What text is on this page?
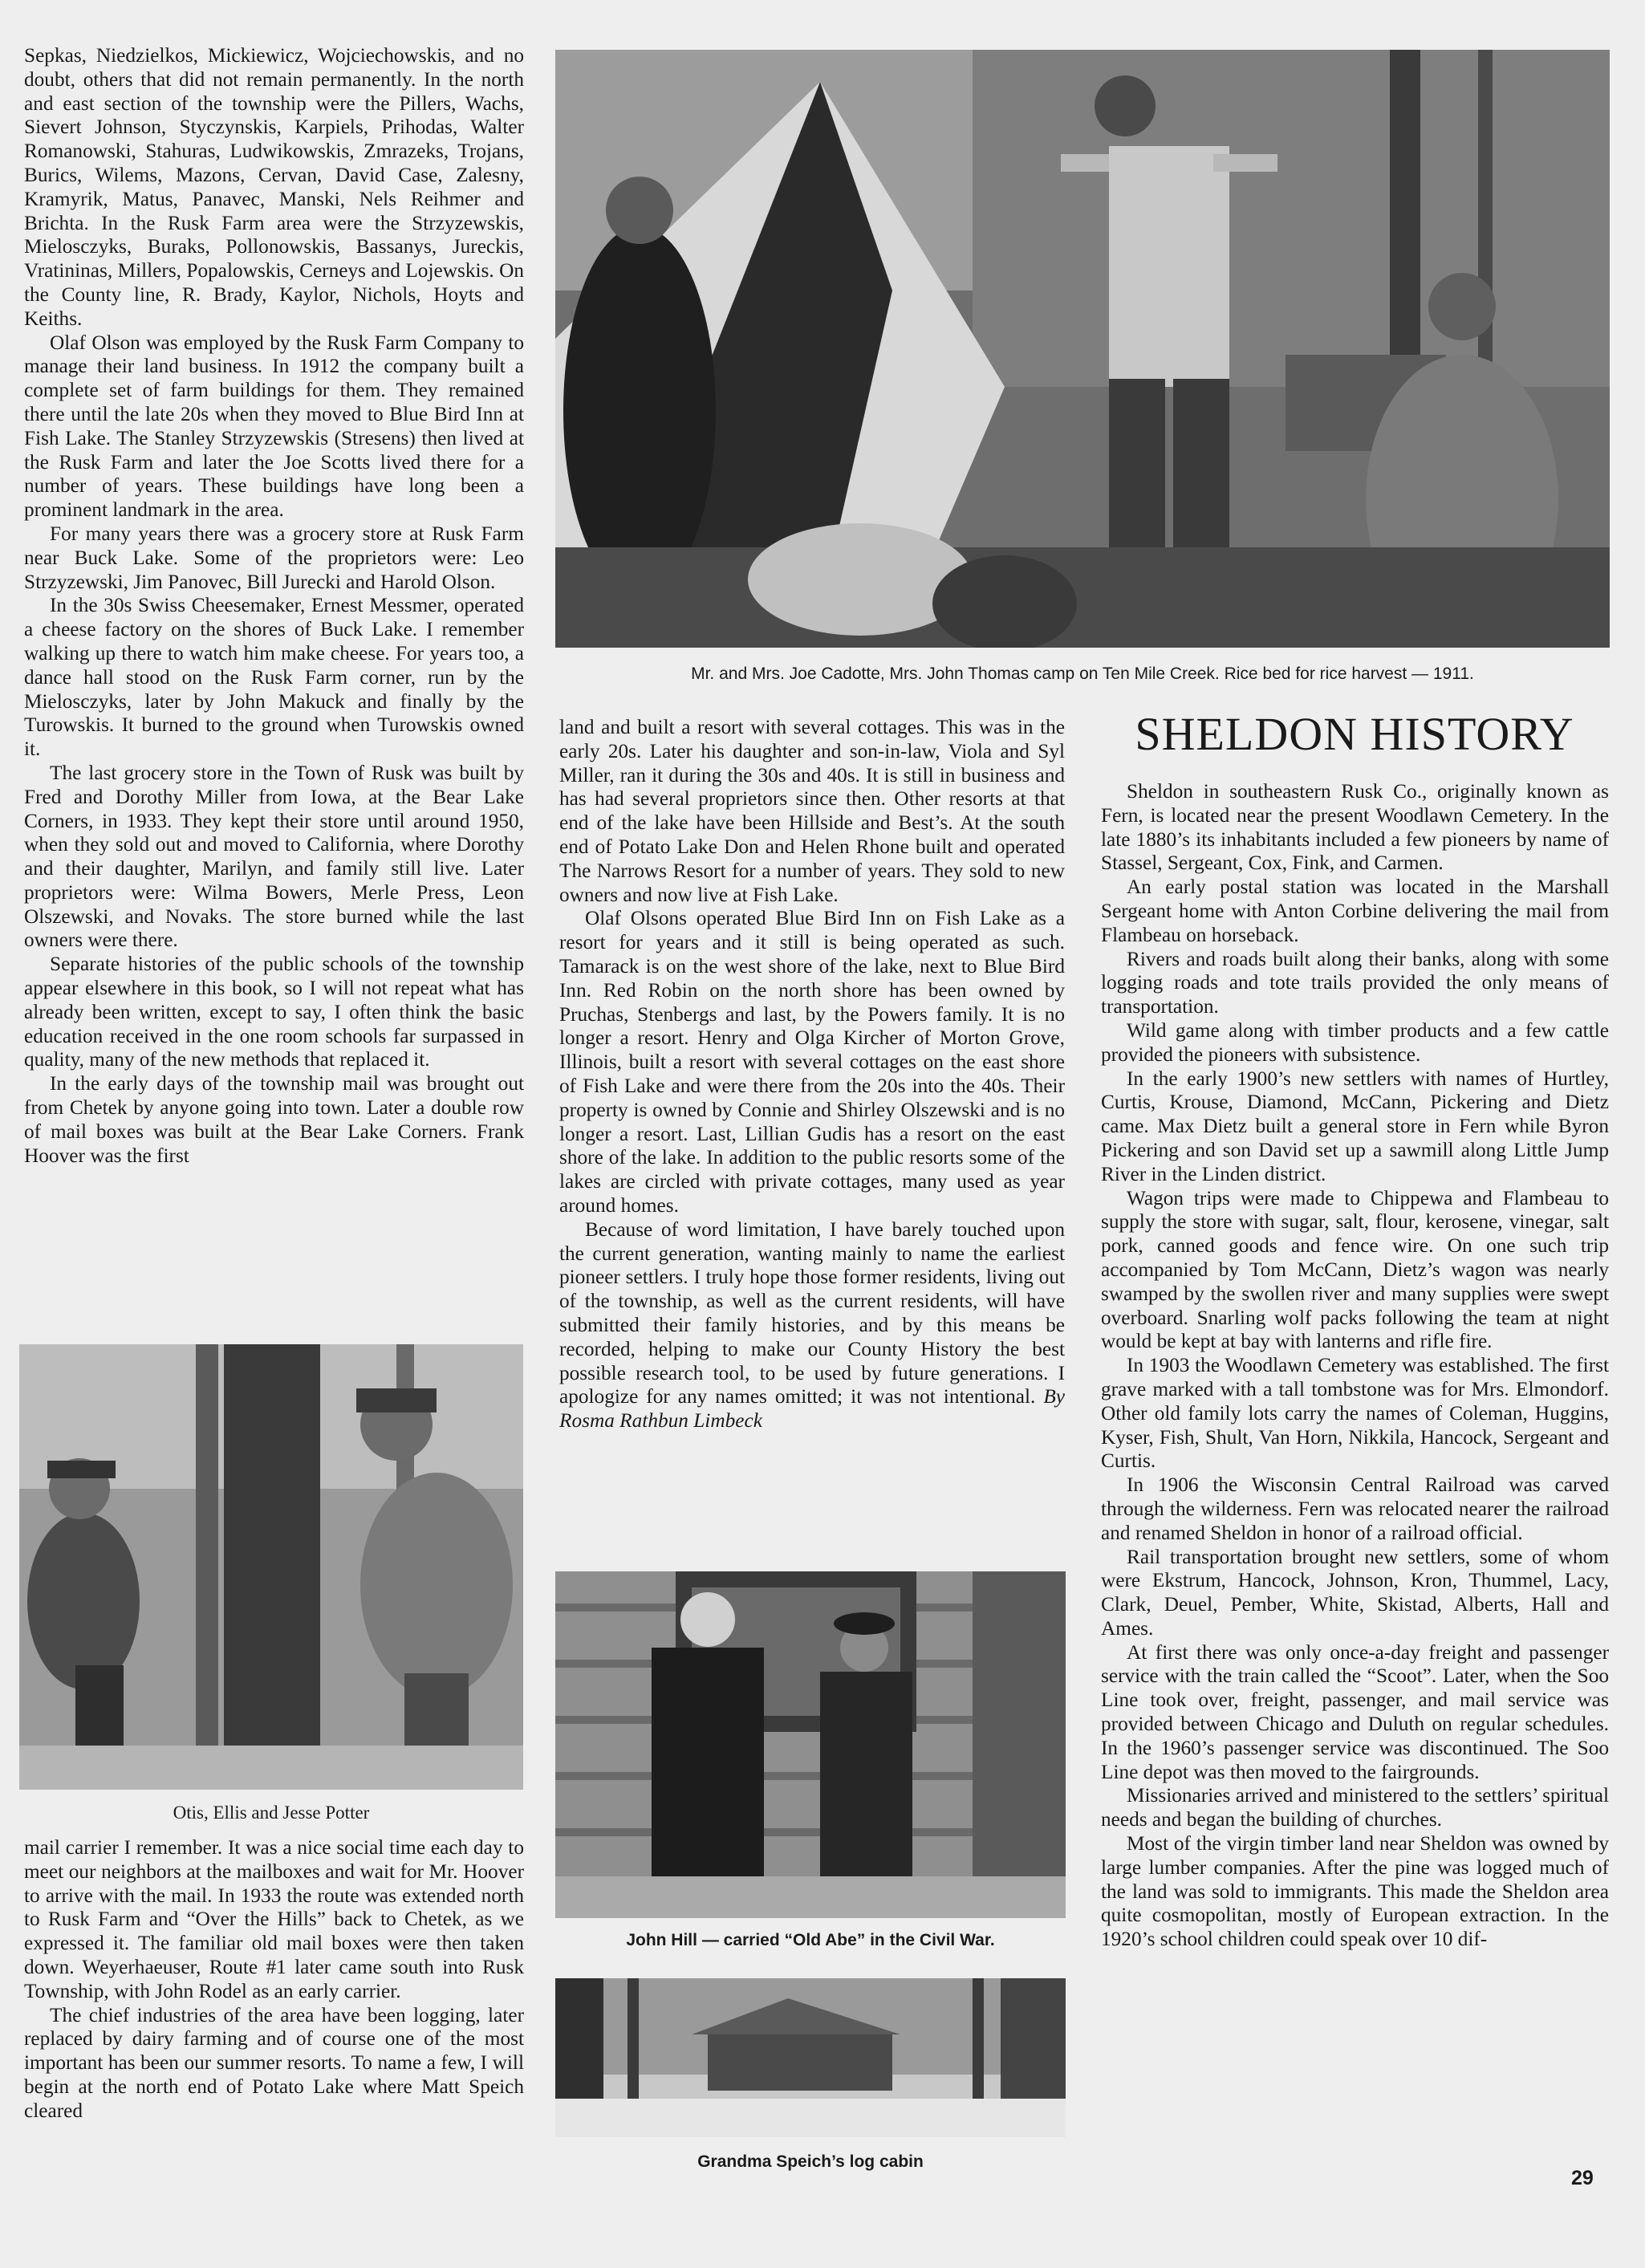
Sepkas, Niedzielkos, Mickiewicz, Wojciechowskis, and no doubt, others that did not remain permanently. In the north and east section of the township were the Pillers, Wachs, Sievert Johnson, Styczynskis, Karpiels, Prihodas, Walter Romanowski, Stahuras, Ludwikowskis, Zmrazeks, Trojans, Burics, Wilems, Mazons, Cervan, David Case, Zalesny, Kramyrik, Matus, Panavec, Manski, Nels Reihmer and Brichta. In the Rusk Farm area were the Strzyzewskis, Mielosczyks, Buraks, Pollonowskis, Bassanys, Jureckis, Vratininas, Millers, Popalowskis, Cerneys and Lojewskis. On the County line, R. Brady, Kaylor, Nichols, Hoyts and Keiths.

Olaf Olson was employed by the Rusk Farm Company to manage their land business. In 1912 the company built a complete set of farm buildings for them. They remained there until the late 20s when they moved to Blue Bird Inn at Fish Lake. The Stanley Strzyzewskis (Stresens) then lived at the Rusk Farm and later the Joe Scotts lived there for a number of years. These buildings have long been a prominent landmark in the area.

For many years there was a grocery store at Rusk Farm near Buck Lake. Some of the proprietors were: Leo Strzyzewski, Jim Panovec, Bill Jurecki and Harold Olson.

In the 30s Swiss Cheesemaker, Ernest Messmer, operated a cheese factory on the shores of Buck Lake. I remember walking up there to watch him make cheese. For years too, a dance hall stood on the Rusk Farm corner, run by the Mielosczyks, later by John Makuck and finally by the Turowskis. It burned to the ground when Turowskis owned it.

The last grocery store in the Town of Rusk was built by Fred and Dorothy Miller from Iowa, at the Bear Lake Corners, in 1933. They kept their store until around 1950, when they sold out and moved to California, where Dorothy and their daughter, Marilyn, and family still live. Later proprietors were: Wilma Bowers, Merle Press, Leon Olszewski, and Novaks. The store burned while the last owners were there.

Separate histories of the public schools of the township appear elsewhere in this book, so I will not repeat what has already been written, except to say, I often think the basic education received in the one room schools far surpassed in quality, many of the new methods that replaced it.

In the early days of the township mail was brought out from Chetek by anyone going into town. Later a double row of mail boxes was built at the Bear Lake Corners. Frank Hoover was the first

Otis, Ellis and Jesse Potter

mail carrier I remember. It was a nice social time each day to meet our neighbors at the mailboxes and wait for Mr. Hoover to arrive with the mail. In 1933 the route was extended north to Rusk Farm and “Over the Hills” back to Chetek, as we expressed it. The familiar old mail boxes were then taken down. Weyerhaeuser, Route #1 later came south into Rusk Township, with John Rodel as an early carrier.

The chief industries of the area have been logging, later replaced by dairy farming and of course one of the most important has been our summer resorts. To name a few, I will begin at the north end of Potato Lake where Matt Speich cleared

Mr. and Mrs. Joe Cadotte, Mrs. John Thomas camp on Ten Mile Creek. Rice bed for rice harvest — 1911.

land and built a resort with several cottages. This was in the early 20s. Later his daughter and son-in-law, Viola and Syl Miller, ran it during the 30s and 40s. It is still in business and has had several proprietors since then. Other resorts at that end of the lake have been Hillside and Best’s. At the south end of Potato Lake Don and Helen Rhone built and operated The Narrows Resort for a number of years. They sold to new owners and now live at Fish Lake.

Olaf Olsons operated Blue Bird Inn on Fish Lake as a resort for years and it still is being operated as such. Tamarack is on the west shore of the lake, next to Blue Bird Inn. Red Robin on the north shore has been owned by Pruchas, Stenbergs and last, by the Powers family. It is no longer a resort. Henry and Olga Kircher of Morton Grove, Illinois, built a resort with several cottages on the east shore of Fish Lake and were there from the 20s into the 40s. Their property is owned by Connie and Shirley Olszewski and is no longer a resort. Last, Lillian Gudis has a resort on the east shore of the lake. In addition to the public resorts some of the lakes are circled with private cottages, many used as year around homes.

Because of word limitation, I have barely touched upon the current generation, wanting mainly to name the earliest pioneer settlers. I truly hope those former residents, living out of the township, as well as the current residents, will have submitted their family histories, and by this means be recorded, helping to make our County History the best possible research tool, to be used by future generations. I apologize for any names omitted; it was not intentional. By Rosma Rathbun Limbeck

John Hill — carried “Old Abe” in the Civil War.
Grandma Speich’s log cabin
SHELDON HISTORY

Sheldon in southeastern Rusk Co., originally known as Fern, is located near the present Woodlawn Cemetery. In the late 1880’s its inhabitants included a few pioneers by name of Stassel, Sergeant, Cox, Fink, and Carmen.

An early postal station was located in the Marshall Sergeant home with Anton Corbine delivering the mail from Flambeau on horseback.

Rivers and roads built along their banks, along with some logging roads and tote trails provided the only means of transportation.

Wild game along with timber products and a few cattle provided the pioneers with subsistence.

In the early 1900’s new settlers with names of Hurtley, Curtis, Krouse, Diamond, McCann, Pickering and Dietz came. Max Dietz built a general store in Fern while Byron Pickering and son David set up a sawmill along Little Jump River in the Linden district.

Wagon trips were made to Chippewa and Flambeau to supply the store with sugar, salt, flour, kerosene, vinegar, salt pork, canned goods and fence wire. On one such trip accompanied by Tom McCann, Dietz’s wagon was nearly swamped by the swollen river and many supplies were swept overboard. Snarling wolf packs following the team at night would be kept at bay with lanterns and rifle fire.

In 1903 the Woodlawn Cemetery was established. The first grave marked with a tall tombstone was for Mrs. Elmondorf. Other old family lots carry the names of Coleman, Huggins, Kyser, Fish, Shult, Van Horn, Nikkila, Hancock, Sergeant and Curtis.

In 1906 the Wisconsin Central Railroad was carved through the wilderness. Fern was relocated nearer the railroad and renamed Sheldon in honor of a railroad official.

Rail transportation brought new settlers, some of whom were Ekstrum, Hancock, Johnson, Kron, Thummel, Lacy, Clark, Deuel, Pember, White, Skistad, Alberts, Hall and Ames.

At first there was only once-a-day freight and passenger service with the train called the “Scoot”. Later, when the Soo Line took over, freight, passenger, and mail service was provided between Chicago and Duluth on regular schedules. In the 1960’s passenger service was discontinued. The Soo Line depot was then moved to the fairgrounds.

Missionaries arrived and ministered to the settlers’ spiritual needs and began the building of churches.

Most of the virgin timber land near Sheldon was owned by large lumber companies. After the pine was logged much of the land was sold to immigrants. This made the Sheldon area quite cosmopolitan, mostly of European extraction. In the 1920’s school children could speak over 10 dif-

29
